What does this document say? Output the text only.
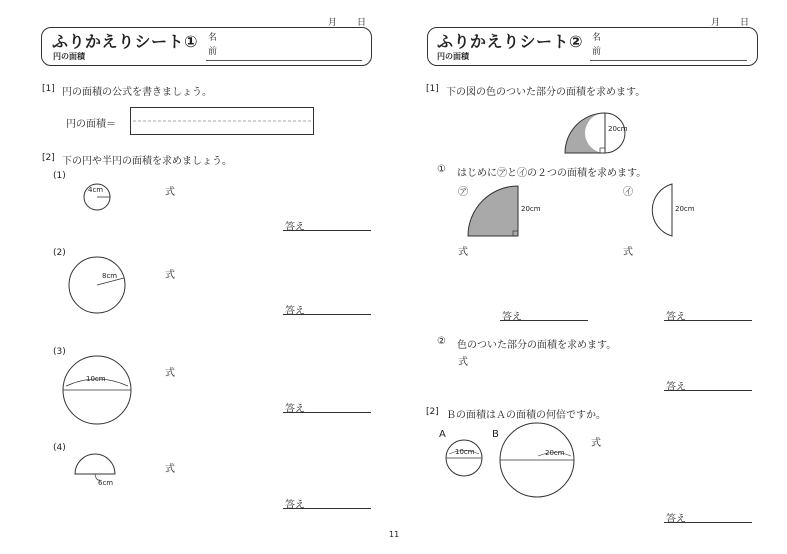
月 日
ふりかえりシート①
円の面積
名
前
[1] 円の面積の公式を書きましょう。
円の面積＝
[2] 下の円や半円の面積を求めましょう。
(1)
4cm	式
答え
(2)
8cm	式
答え
(3)
10cm	式
答え
(4)
6cm
式
答え
11
月 日
ふりかえりシート②
円の面積
名
前
[1] 下の図の色のついた部分の面積を求めます。
20cm
① はじめに㋐と㋑の２つの面積を求めます。
㋐
20cm
式
答え
㋑
20cm
式
答え
② 色のついた部分の面積を求めます。
式
答え
[2] Ｂの面積はＡの面積の何倍ですか。
A	B
10cm	20cm
式
答え
